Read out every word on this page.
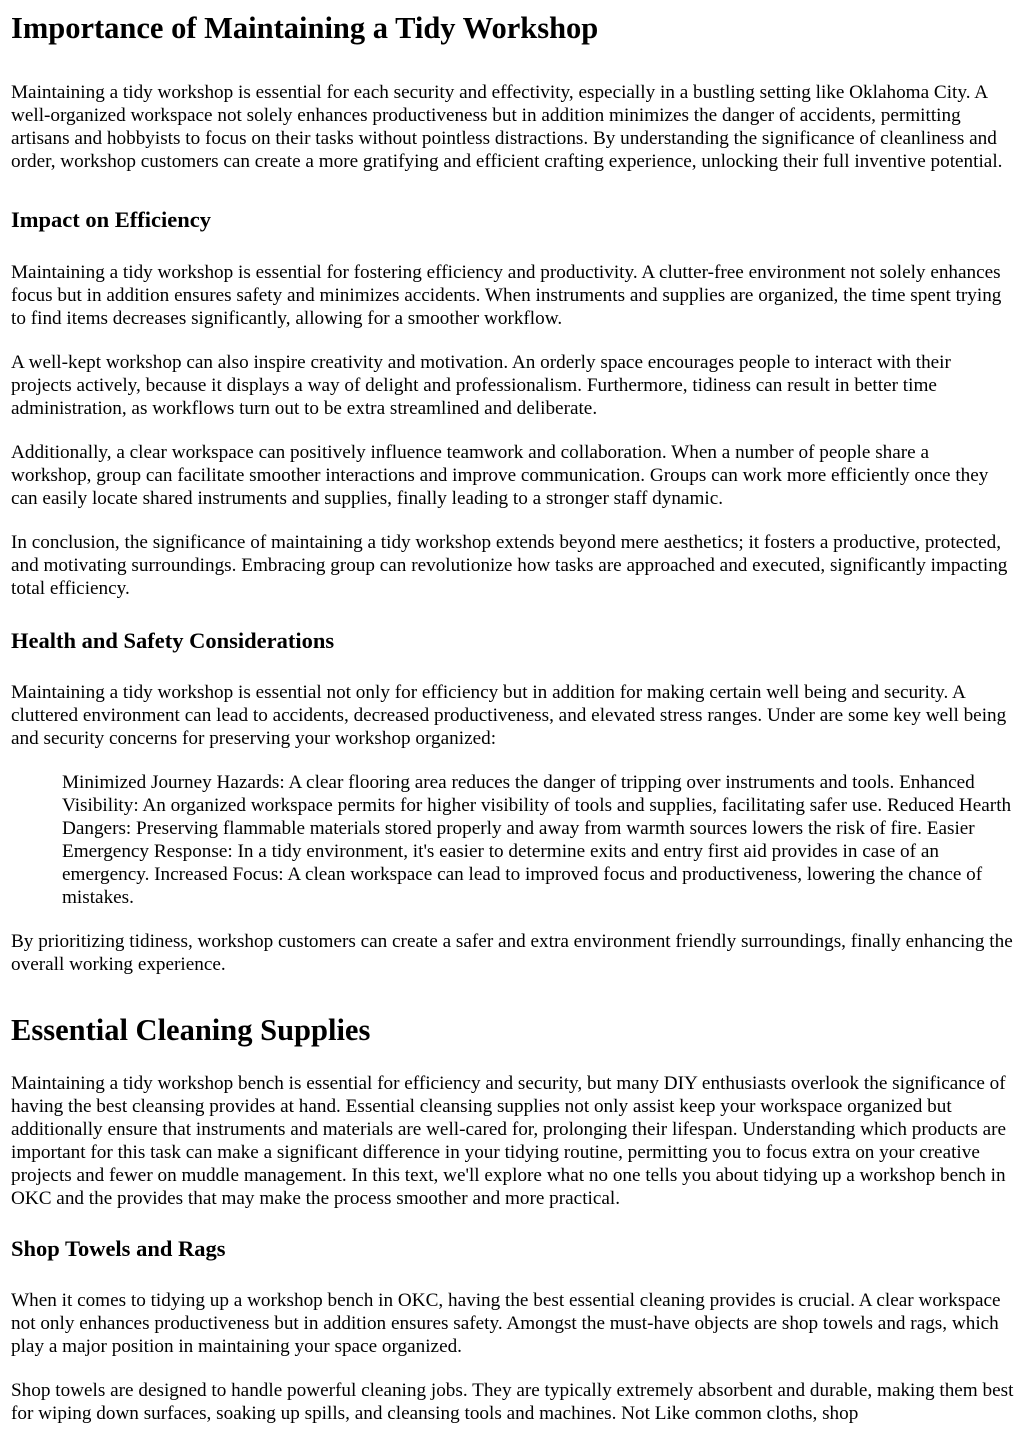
Importance of Maintaining a Tidy Workshop

Maintaining a tidy workshop is essential for each security and effectivity, especially in a bustling setting like Oklahoma City. A well-organized workspace not solely enhances productiveness but in addition minimizes the danger of accidents, permitting artisans and hobbyists to focus on their tasks without pointless distractions. By understanding the significance of cleanliness and order, workshop customers can create a more gratifying and efficient crafting experience, unlocking their full inventive potential.

Impact on Efficiency

Maintaining a tidy workshop is essential for fostering efficiency and productivity. A clutter-free environment not solely enhances focus but in addition ensures safety and minimizes accidents. When instruments and supplies are organized, the time spent trying to find items decreases significantly, allowing for a smoother workflow.

A well-kept workshop can also inspire creativity and motivation. An orderly space encourages people to interact with their projects actively, because it displays a way of delight and professionalism. Furthermore, tidiness can result in better time administration, as workflows turn out to be extra streamlined and deliberate.

Additionally, a clear workspace can positively influence teamwork and collaboration. When a number of people share a workshop, group can facilitate smoother interactions and improve communication. Groups can work more efficiently once they can easily locate shared instruments and supplies, finally leading to a stronger staff dynamic.

In conclusion, the significance of maintaining a tidy workshop extends beyond mere aesthetics; it fosters a productive, protected, and motivating surroundings. Embracing group can revolutionize how tasks are approached and executed, significantly impacting total efficiency.

Health and Safety Considerations

Maintaining a tidy workshop is essential not only for efficiency but in addition for making certain well being and security. A cluttered environment can lead to accidents, decreased productiveness, and elevated stress ranges. Under are some key well being and security concerns for preserving your workshop organized:

Minimized Journey Hazards: A clear flooring area reduces the danger of tripping over instruments and tools. Enhanced Visibility: An organized workspace permits for higher visibility of tools and supplies, facilitating safer use. Reduced Hearth Dangers: Preserving flammable materials stored properly and away from warmth sources lowers the risk of fire. Easier Emergency Response: In a tidy environment, it's easier to determine exits and entry first aid provides in case of an emergency. Increased Focus: A clean workspace can lead to improved focus and productiveness, lowering the chance of mistakes.

By prioritizing tidiness, workshop customers can create a safer and extra environment friendly surroundings, finally enhancing the overall working experience.

Essential Cleaning Supplies

Maintaining a tidy workshop bench is essential for efficiency and security, but many DIY enthusiasts overlook the significance of having the best cleansing provides at hand. Essential cleansing supplies not only assist keep your workspace organized but additionally ensure that instruments and materials are well-cared for, prolonging their lifespan. Understanding which products are important for this task can make a significant difference in your tidying routine, permitting you to focus extra on your creative projects and fewer on muddle management. In this text, we'll explore what no one tells you about tidying up a workshop bench in OKC and the provides that may make the process smoother and more practical.

Shop Towels and Rags

When it comes to tidying up a workshop bench in OKC, having the best essential cleaning provides is crucial. A clear workspace not only enhances productiveness but in addition ensures safety. Amongst the must-have objects are shop towels and rags, which play a major position in maintaining your space organized.

Shop towels are designed to handle powerful cleaning jobs. They are typically extremely absorbent and durable, making them best for wiping down surfaces, soaking up spills, and cleansing tools and machines. Not Like common cloths, shop
